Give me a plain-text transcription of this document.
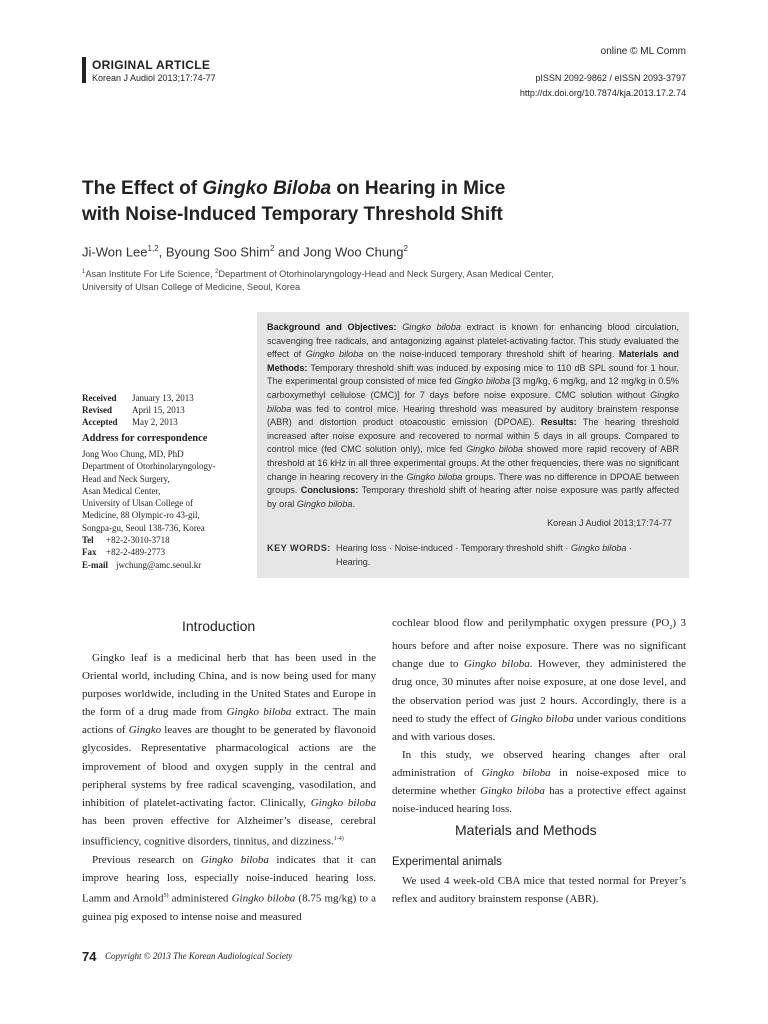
online © ML Comm
ORIGINAL ARTICLE
Korean J Audiol 2013;17:74-77	pISSN 2092-9862 / eISSN 2093-3797
http://dx.doi.org/10.7874/kja.2013.17.2.74
The Effect of Gingko Biloba on Hearing in Mice
with Noise-Induced Temporary Threshold Shift
Ji-Won Lee$^{1,2}$, Byoung Soo Shim$^2$ and Jong Woo Chung$^2$
$^1$Asan Institute For Life Science, $^2$Department of Otorhinolaryngology-Head and Neck Surgery, Asan Medical Center,
University of Ulsan College of Medicine, Seoul, Korea
Received January 13, 2013
Revised April 15, 2013
Accepted May 2, 2013
Address for correspondence
Jong Woo Chung, MD, PhD
Department of Otorhinolaryngology-
Head and Neck Surgery,
Asan Medical Center,
University of Ulsan College of
Medicine, 88 Olympic-ro 43-gil,
Songpa-gu, Seoul 138-736, Korea
Tel +82-2-3010-3718
Fax +82-2-489-2773
E-mail jwchung@amc.seoul.kr
Background and Objectives: Gingko biloba extract is known for enhancing blood circulation, scavenging free radicals, and antagonizing against platelet-activating factor. This study evaluated the effect of Gingko biloba on the noise-induced temporary threshold shift of hearing. Materials and Methods: Temporary threshold shift was induced by exposing mice to 110 dB SPL sound for 1 hour. The experimental group consisted of mice fed Gingko biloba [3 mg/kg, 6 mg/kg, and 12 mg/kg in 0.5% carboxymethyl cellulose (CMC)] for 7 days before noise exposure. CMC solution without Gingko biloba was fed to control mice. Hearing threshold was measured by auditory brainstem response (ABR) and distortion product otoacoustic emission (DPOAE). Results: The hearing threshold increased after noise exposure and recovered to normal within 5 days in all groups. Compared to control mice (fed CMC solution only), mice fed Gingko biloba showed more rapid recovery of ABR threshold at 16 kHz in all three experimental groups. At the other frequencies, there was no significant change in hearing recovery in the Gingko biloba groups. There was no difference in DPOAE between groups. Conclusions: Temporary threshold shift of hearing after noise exposure was partly affected by oral Gingko biloba.
Korean J Audiol 2013;17:74-77
KEY WORDS: Hearing loss · Noise-induced · Temporary threshold shift · Gingko biloba ·
Hearing.
Introduction

Gingko leaf is a medicinal herb that has been used in the Oriental world, including China, and is now being used for many purposes worldwide, including in the United States and Europe in the form of a drug made from Gingko biloba extract. The main actions of Gingko leaves are thought to be generated by flavonoid glycosides. Representative pharmacological actions are the improvement of blood and oxygen supply in the central and peripheral systems by free radical scavenging, vasodilation, and inhibition of platelet-activating factor. Clinically, Gingko biloba has been proven effective for Alzheimer’s disease, cerebral insufficiency, cognitive disorders, tinnitus, and dizziness.$^{1-4)}$

Previous research on Gingko biloba indicates that it can improve hearing loss, especially noise-induced hearing loss. Lamm and Arnold$^{5)}$ administered Gingko biloba (8.75 mg/kg) to a guinea pig exposed to intense noise and measured

cochlear blood flow and perilymphatic oxygen pressure $(PO_2)$ 3 hours before and after noise exposure. There was no significant change due to Gingko biloba. However, they administered the drug once, 30 minutes after noise exposure, at one dose level, and the observation period was just 2 hours. Accordingly, there is a need to study the effect of Gingko biloba under various conditions and with various doses.

In this study, we observed hearing changes after oral administration of Gingko biloba in noise-exposed mice to determine whether Gingko biloba has a protective effect against noise-induced hearing loss.

Materials and Methods
Experimental animals

We used 4 week-old CBA mice that tested normal for Preyer’s reflex and auditory brainstem response (ABR).

74 Copyright © 2013 The Korean Audiological Society
